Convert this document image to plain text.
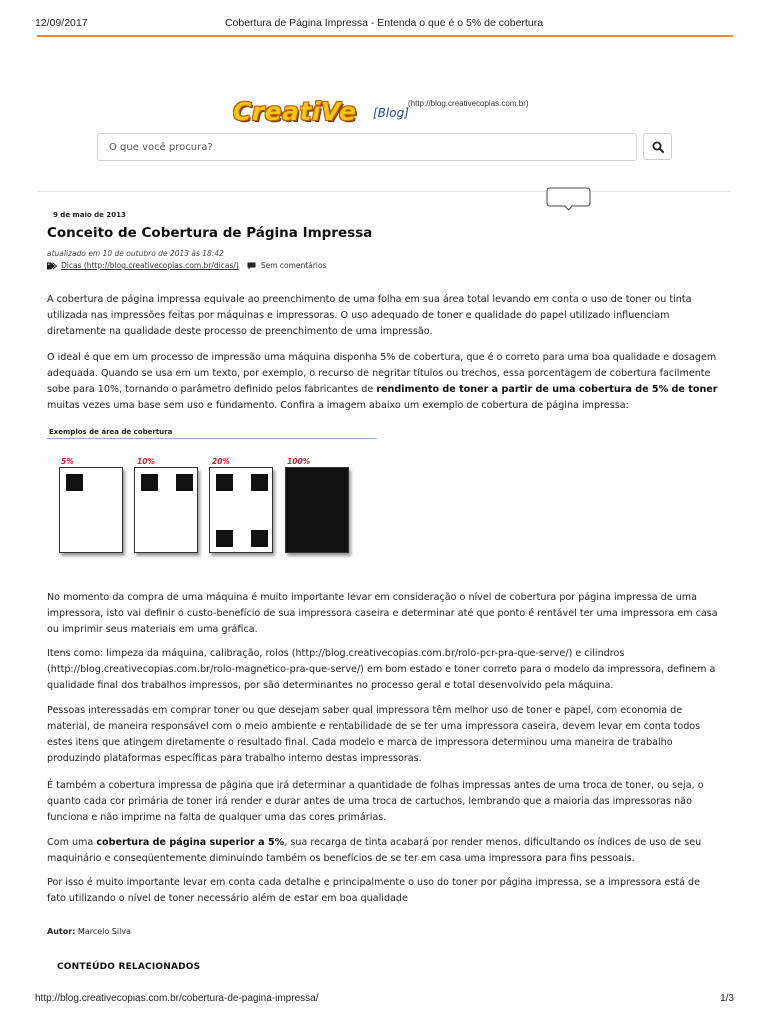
12/09/2017	Cobertura de Página Impressa - Entenda o que é o 5% de cobertura
CreatiVe [Blog]
(http://blog.creativecopias.com.br)
O que você procura?
9 de maio de 2013
Conceito de Cobertura de Página Impressa
atualizado em 10 de outubro de 2013 às 18:42
Dicas (http://blog.creativecopias.com.br/dicas/)	Sem comentários

A cobertura de página impressa equivale ao preenchimento de uma folha em sua área total levando em conta o uso de toner ou tinta utilizada nas impressões feitas por máquinas e impressoras. O uso adequado de toner e qualidade do papel utilizado influenciam diretamente na qualidade deste processo de preenchimento de uma impressão.

O ideal é que em um processo de impressão uma máquina disponha 5% de cobertura, que é o correto para uma boa qualidade e dosagem adequada. Quando se usa em um texto, por exemplo, o recurso de negritar títulos ou trechos, essa porcentagem de cobertura facilmente sobe para 10%, tornando o parâmetro definido pelos fabricantes de rendimento de toner a partir de uma cobertura de 5% de toner muitas vezes uma base sem uso e fundamento. Confira a imagem abaixo um exemplo de cobertura de página impressa:

Exemplos de área de cobertura
5%	10%	20%	100%

No momento da compra de uma máquina é muito importante levar em consideração o nível de cobertura por página impressa de uma impressora, isto vai definir o custo-benefício de sua impressora caseira e determinar até que ponto é rentável ter uma impressora em casa ou imprimir seus materiais em uma gráfica.

Itens como: limpeza da máquina, calibração, rolos (http://blog.creativecopias.com.br/rolo-pcr-pra-que-serve/) e cilindros (http://blog.creativecopias.com.br/rolo-magnetico-pra-que-serve/) em bom estado e toner correto para o modelo da impressora, definem a qualidade final dos trabalhos impressos, por são determinantes no processo geral e total desenvolvido pela máquina.

Pessoas interessadas em comprar toner ou que desejam saber qual impressora têm melhor uso de toner e papel, com economia de material, de maneira responsável com o meio ambiente e rentabilidade de se ter uma impressora caseira, devem levar em conta todos estes itens que atingem diretamente o resultado final. Cada modelo e marca de impressora determinou uma maneira de trabalho produzindo plataformas específicas para trabalho interno destas impressoras.

É também a cobertura impressa de página que irá determinar a quantidade de folhas impressas antes de uma troca de toner, ou seja, o quanto cada cor primária de toner irá render e durar antes de uma troca de cartuchos, lembrando que a maioria das impressoras não funciona e não imprime na falta de qualquer uma das cores primárias.

Com uma cobertura de página superior a 5%, sua recarga de tinta acabará por render menos, dificultando os índices de uso de seu maquinário e conseqüentemente diminuindo também os benefícios de se ter em casa uma impressora para fins pessoais.

Por isso é muito importante levar em conta cada detalhe e principalmente o uso do toner por página impressa, se a impressora está de fato utilizando o nível de toner necessário além de estar em boa qualidade

Autor: Marcelo Silva
CONTEÚDO RELACIONADOS
http://blog.creativecopias.com.br/cobertura-de-pagina-impressa/	1/3
